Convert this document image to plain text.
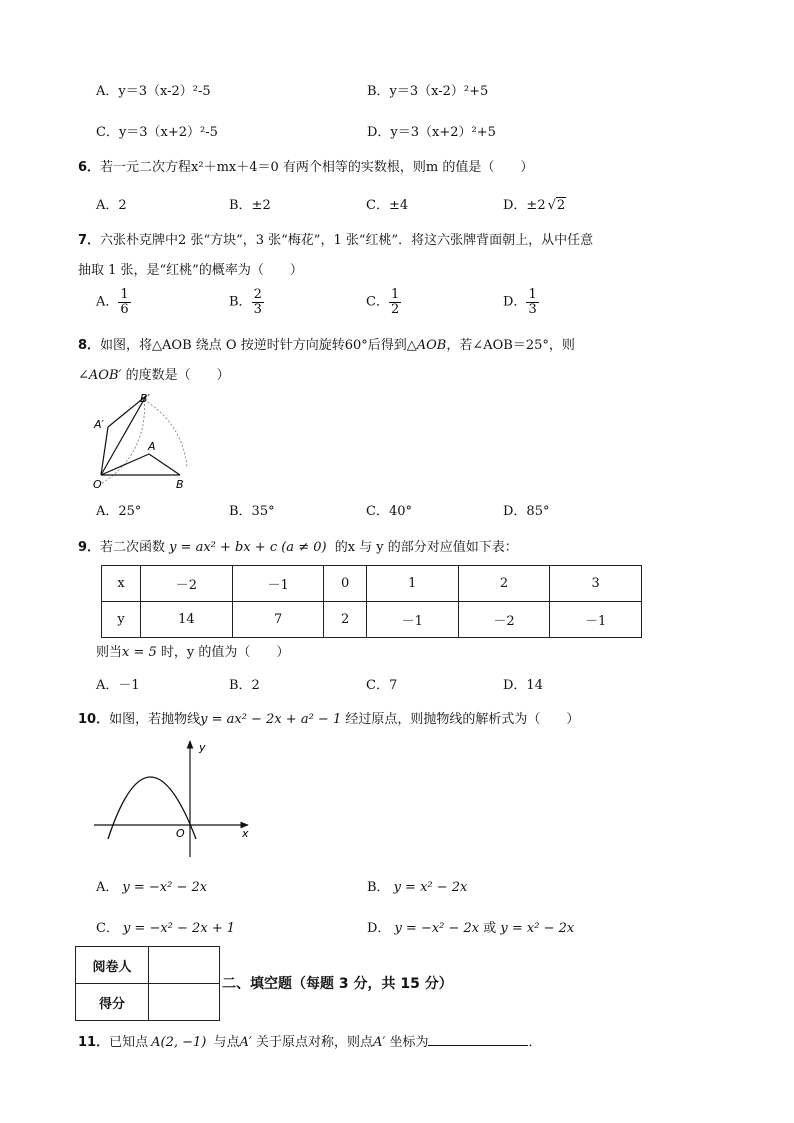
A．y＝3（x-2）²-5	B．y＝3（x-2）²+5
C．y＝3（x+2）²-5	D．y＝3（x+2）²+5
6．若一元二次方程x²＋mx＋4＝0 有两个相等的实数根，则m 的值是（　　）
A．2	B．±2	C．±4	D．±2 √2
7．六张朴克牌中2 张“方块”，3 张“梅花”，1 张“红桃”．将这六张牌背面朝上，从中任意
抽取 1 张，是“红桃”的概率为（　　）
A． $\frac{1}{6}$	B． $\frac{2}{3}$	C． $\frac{1}{2}$	D． $\frac{1}{3}$
8．如图，将△AOB 绕点 O 按逆时针方向旋转60°后得到△AOB，若∠AOB＝25°，则
∠AOB′ 的度数是（　　）
B′
A′
A
O	B
A．25°	B．35°	C．40°	D．85°
9．若二次函数 y = ax² + bx + c (a ≠ 0) 的x 与 y 的部分对应值如下表：
x	－2	－1	0	1	2	3
y	14	7	2	－1	－2	－1
则当x = 5 时，y 的值为（　　）
A．－1	B．2	C．7	D．14
10．如图，若抛物线y = ax² − 2x + a² − 1 经过原点，则抛物线的解析式为（　　）
y
x
O
A． y = −x² − 2x	B． y = x² − 2x
C． y = −x² − 2x + 1	D． y = −x² − 2x 或 y = x² − 2x
阅卷人	
得分	
二、填空题（每题 3 分，共 15 分）
11．已知点 A(2, −1) 与点A′ 关于原点对称，则点A′ 坐标为	．
